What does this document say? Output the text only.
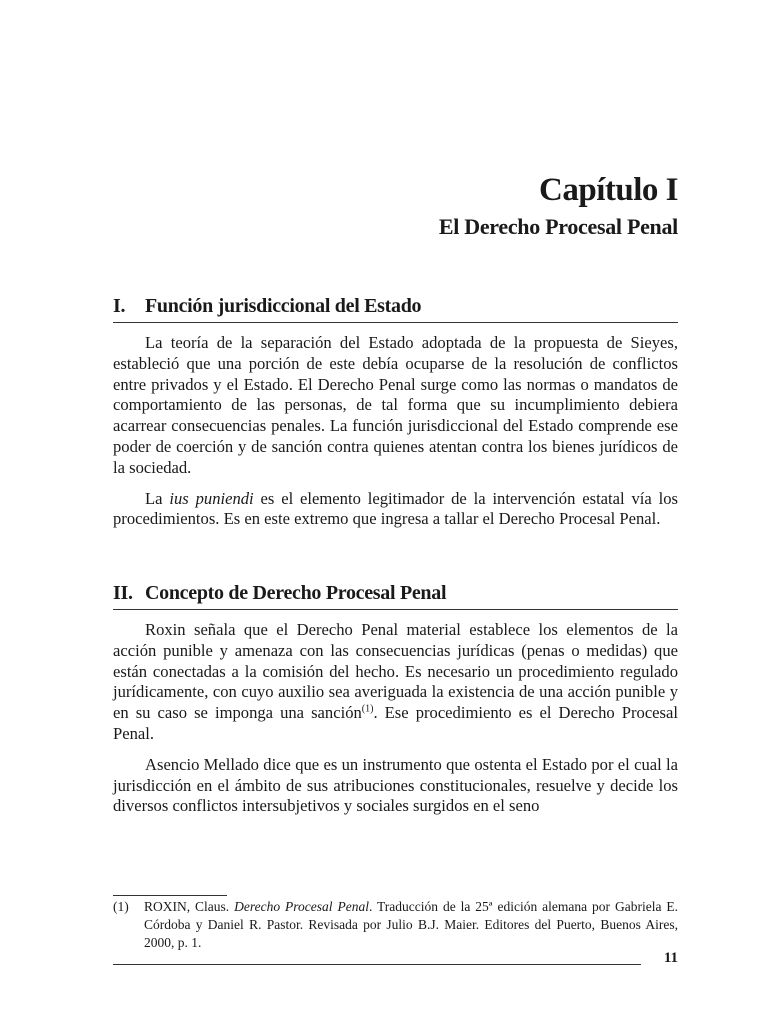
Capítulo I
El Derecho Procesal Penal
I. Función jurisdiccional del Estado

La teoría de la separación del Estado adoptada de la propuesta de Sieyes, estableció que una porción de este debía ocuparse de la resolución de conflictos entre privados y el Estado. El Derecho Penal surge como las normas o mandatos de comportamiento de las personas, de tal forma que su incumplimiento debiera acarrear consecuencias penales. La función jurisdiccional del Estado comprende ese poder de coerción y de sanción contra quienes atentan contra los bienes jurídicos de la sociedad.

La ius puniendi es el elemento legitimador de la intervención estatal vía los procedimientos. Es en este extremo que ingresa a tallar el Derecho Procesal Penal.

II. Concepto de Derecho Procesal Penal

Roxin señala que el Derecho Penal material establece los elementos de la acción punible y amenaza con las consecuencias jurídicas (penas o medidas) que están conectadas a la comisión del hecho. Es necesario un procedimiento regulado jurídicamente, con cuyo auxilio sea averiguada la existencia de una acción punible y en su caso se imponga una sanción$^{(1)}$. Ese procedimiento es el Derecho Procesal Penal.

Asencio Mellado dice que es un instrumento que ostenta el Estado por el cual la jurisdicción en el ámbito de sus atribuciones constitucionales, resuelve y decide los diversos conflictos intersubjetivos y sociales surgidos en el seno

(1)	ROXIN, Claus. Derecho Procesal Penal. Traducción de la 25ª edición alemana por Gabriela E. Córdoba y Daniel R. Pastor. Revisada por Julio B.J. Maier. Editores del Puerto, Buenos Aires, 2000, p. 1.
11
